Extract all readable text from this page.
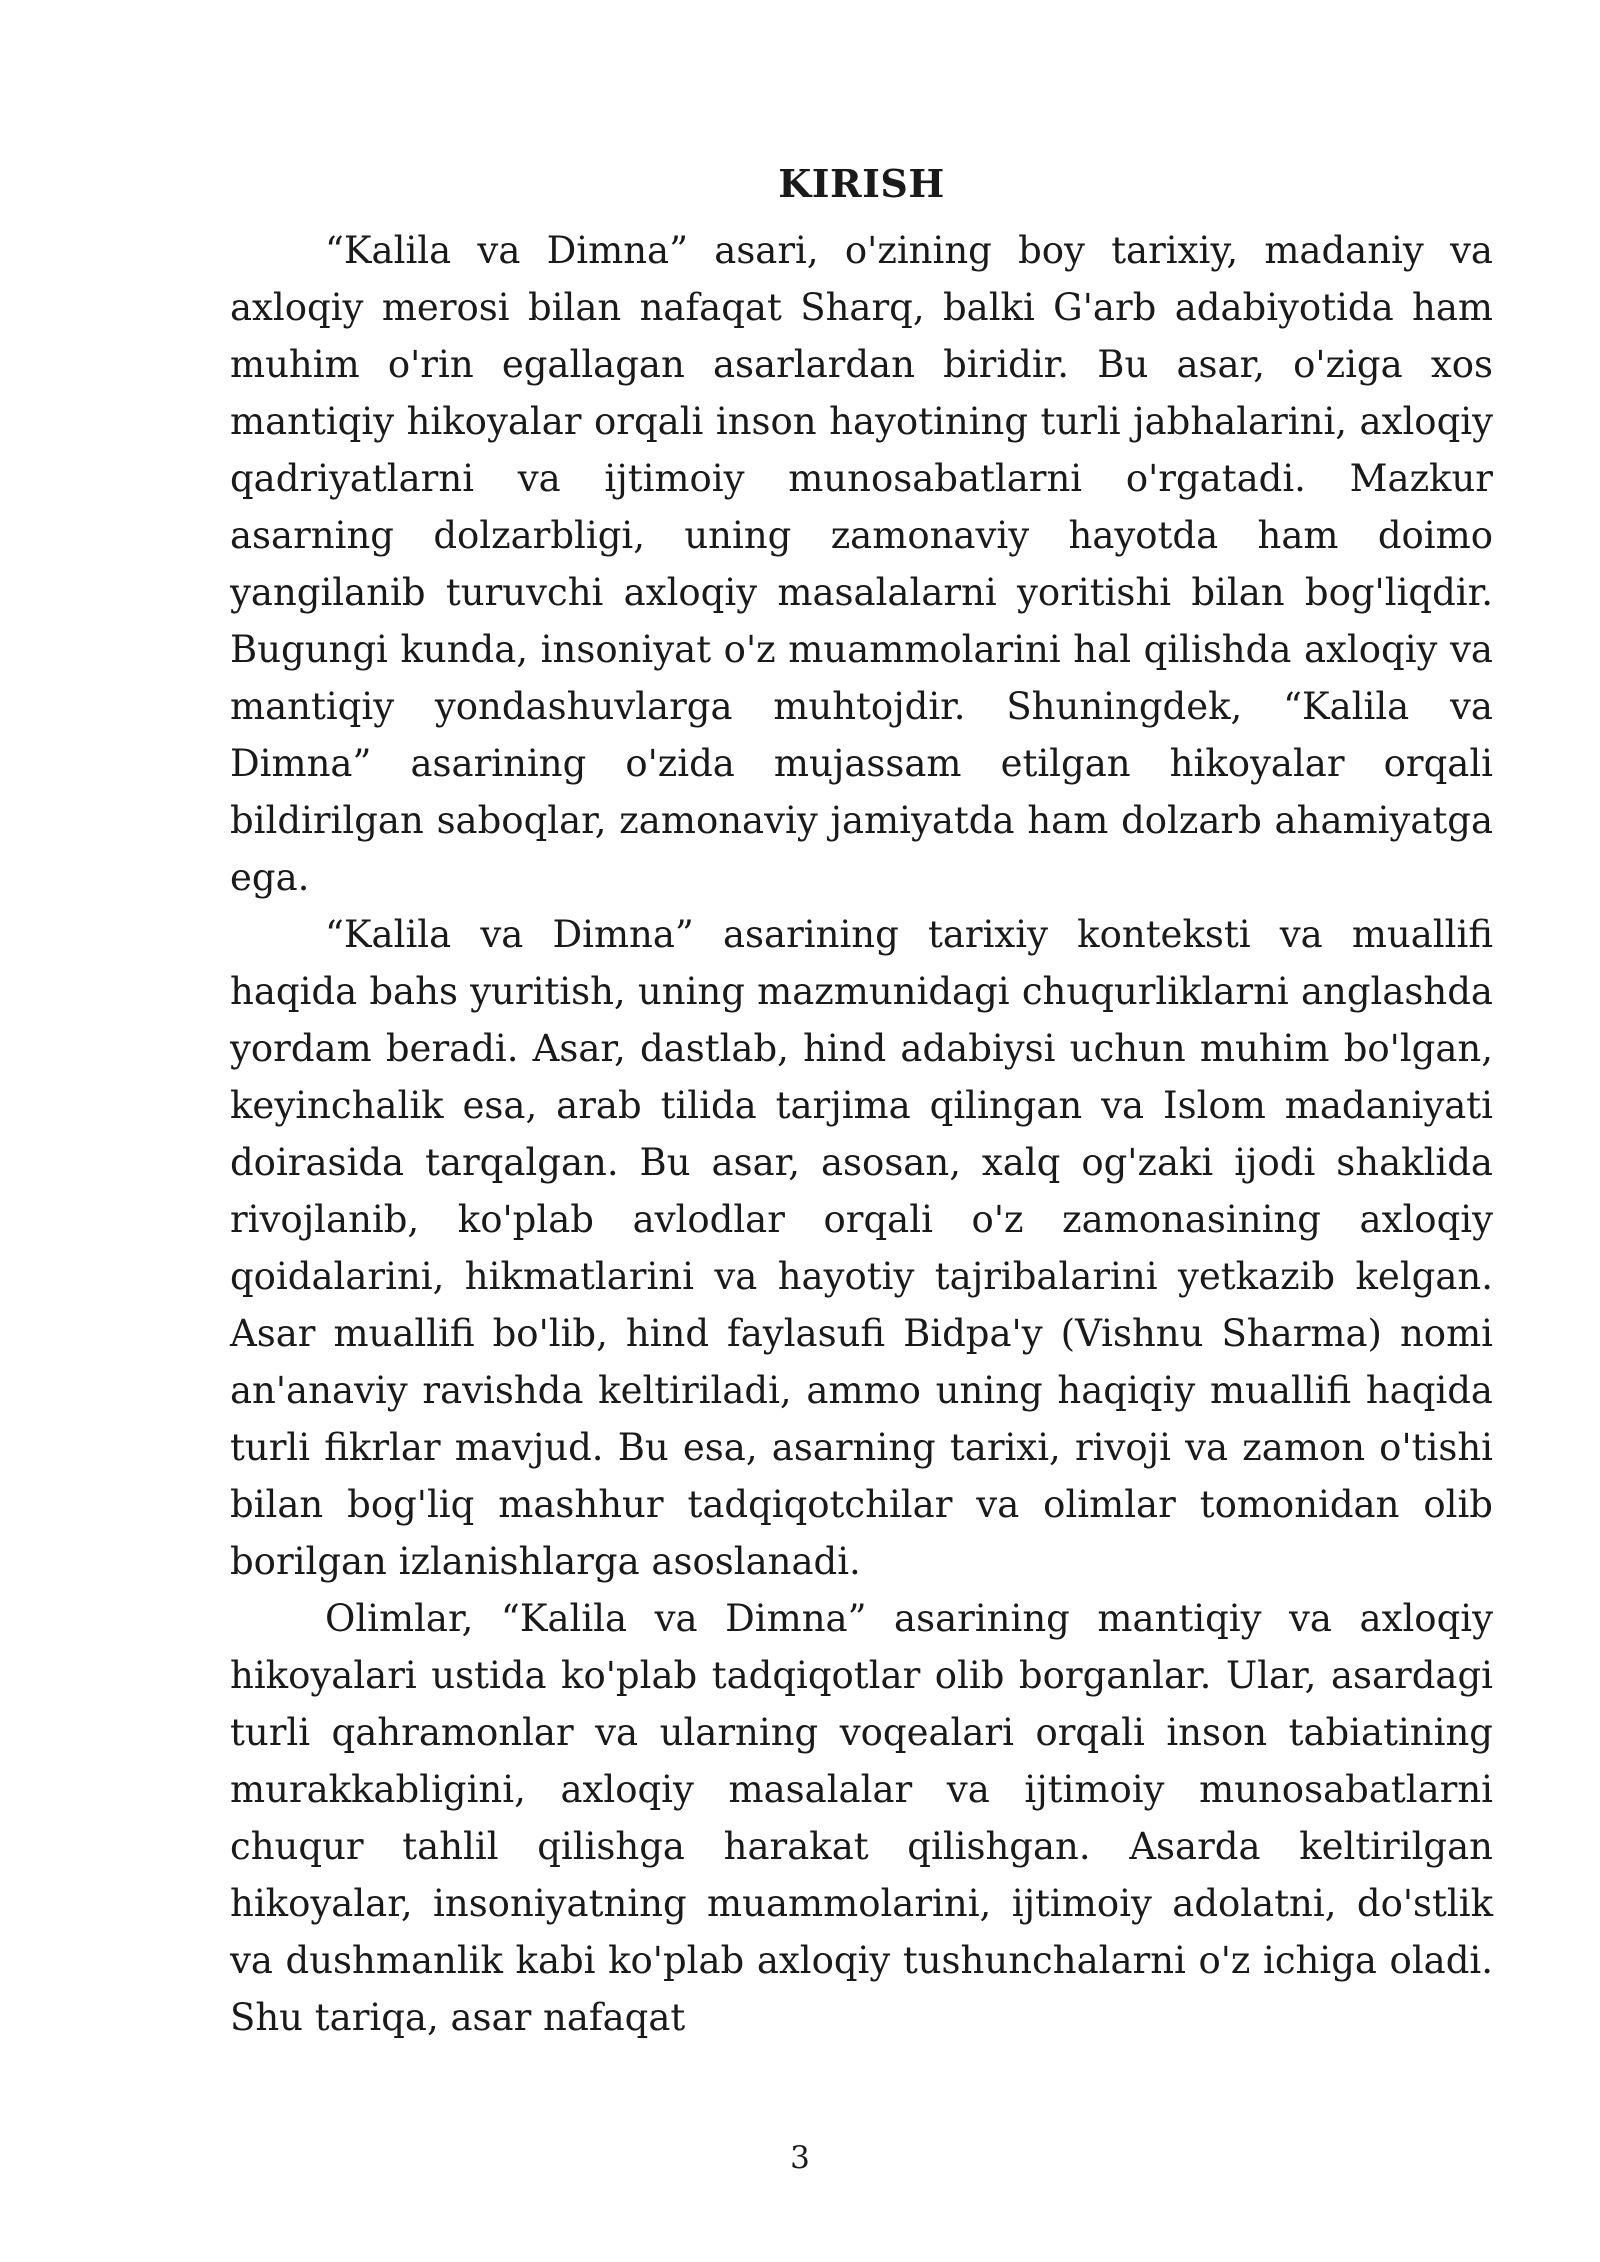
KIRISH

“Kalila va Dimna” asari, o'zining boy tarixiy, madaniy va axloqiy merosi bilan nafaqat Sharq, balki G'arb adabiyotida ham muhim o'rin egallagan asarlardan biridir. Bu asar, o'ziga xos mantiqiy hikoyalar orqali inson hayotining turli jabhalarini, axloqiy qadriyatlarni va ijtimoiy munosabatlarni o'rgatadi. Mazkur asarning dolzarbligi, uning zamonaviy hayotda ham doimo yangilanib turuvchi axloqiy masalalarni yoritishi bilan bog'liqdir. Bugungi kunda, insoniyat o'z muammolarini hal qilishda axloqiy va mantiqiy yondashuvlarga muhtojdir. Shuningdek, “Kalila va Dimna” asarining o'zida mujassam etilgan hikoyalar orqali bildirilgan saboqlar, zamonaviy jamiyatda ham dolzarb ahamiyatga ega.

“Kalila va Dimna” asarining tarixiy konteksti va muallifi haqida bahs yuritish, uning mazmunidagi chuqurliklarni anglashda yordam beradi. Asar, dastlab, hind adabiysi uchun muhim bo'lgan, keyinchalik esa, arab tilida tarjima qilingan va Islom madaniyati doirasida tarqalgan. Bu asar, asosan, xalq og'zaki ijodi shaklida rivojlanib, ko'plab avlodlar orqali o'z zamonasining axloqiy qoidalarini, hikmatlarini va hayotiy tajribalarini yetkazib kelgan. Asar muallifi bo'lib, hind faylasufi Bidpa'y (Vishnu Sharma) nomi an'anaviy ravishda keltiriladi, ammo uning haqiqiy muallifi haqida turli fikrlar mavjud. Bu esa, asarning tarixi, rivoji va zamon o'tishi bilan bog'liq mashhur tadqiqotchilar va olimlar tomonidan olib borilgan izlanishlarga asoslanadi.

Olimlar, “Kalila va Dimna” asarining mantiqiy va axloqiy hikoyalari ustida ko'plab tadqiqotlar olib borganlar. Ular, asardagi turli qahramonlar va ularning voqealari orqali inson tabiatining murakkabligini, axloqiy masalalar va ijtimoiy munosabatlarni chuqur tahlil qilishga harakat qilishgan. Asarda keltirilgan hikoyalar, insoniyatning muammolarini, ijtimoiy adolatni, do'stlik va dushmanlik kabi ko'plab axloqiy tushunchalarni o'z ichiga oladi. Shu tariqa, asar nafaqat

3
